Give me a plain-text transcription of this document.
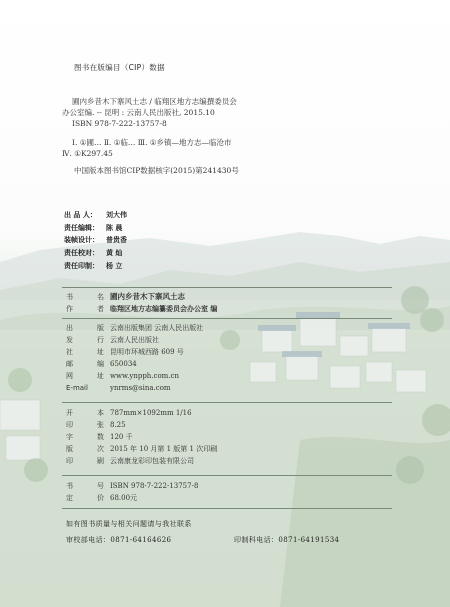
图书在版编目（CIP）数据
圃内乡昔木下寨风土志 / 临翔区地方志编撰委员会
办公室编. -- 昆明 : 云南人民出版社, 2015.10
ISBN 978-7-222-13757-8
Ⅰ. ①圃… Ⅱ. ①临… Ⅲ. ①乡镇—地方志—临沧市
Ⅳ. ①K297.45
中国版本图书馆CIP数据核字(2015)第241430号
出 品 人： 刘大伟
责任编辑： 陈 晨
装帧设计： 普贵香
责任校对： 黄 灿
责任印制： 杨 立
书名 圃内乡昔木下寨风土志
作者 临翔区地方志编纂委员会办公室 编
出版 云南出版集团 云南人民出版社
发行 云南人民出版社
社址 昆明市环城西路 609 号
邮编 650034
网址 www.ynpph.com.cn
E-mail	ynrms@sina.com
开本 787mm×1092mm 1/16
印张 8.25
字数 120 千
版次 2015 年 10 月第 1 版第 1 次印刷
印刷 云南康龙彩印包装有限公司
书号 ISBN 978-7-222-13757-8
定价 68.00元
如有图书质量与相关问题请与我社联系
审校部电话：0871-64164626	印制科电话：0871-64191534
